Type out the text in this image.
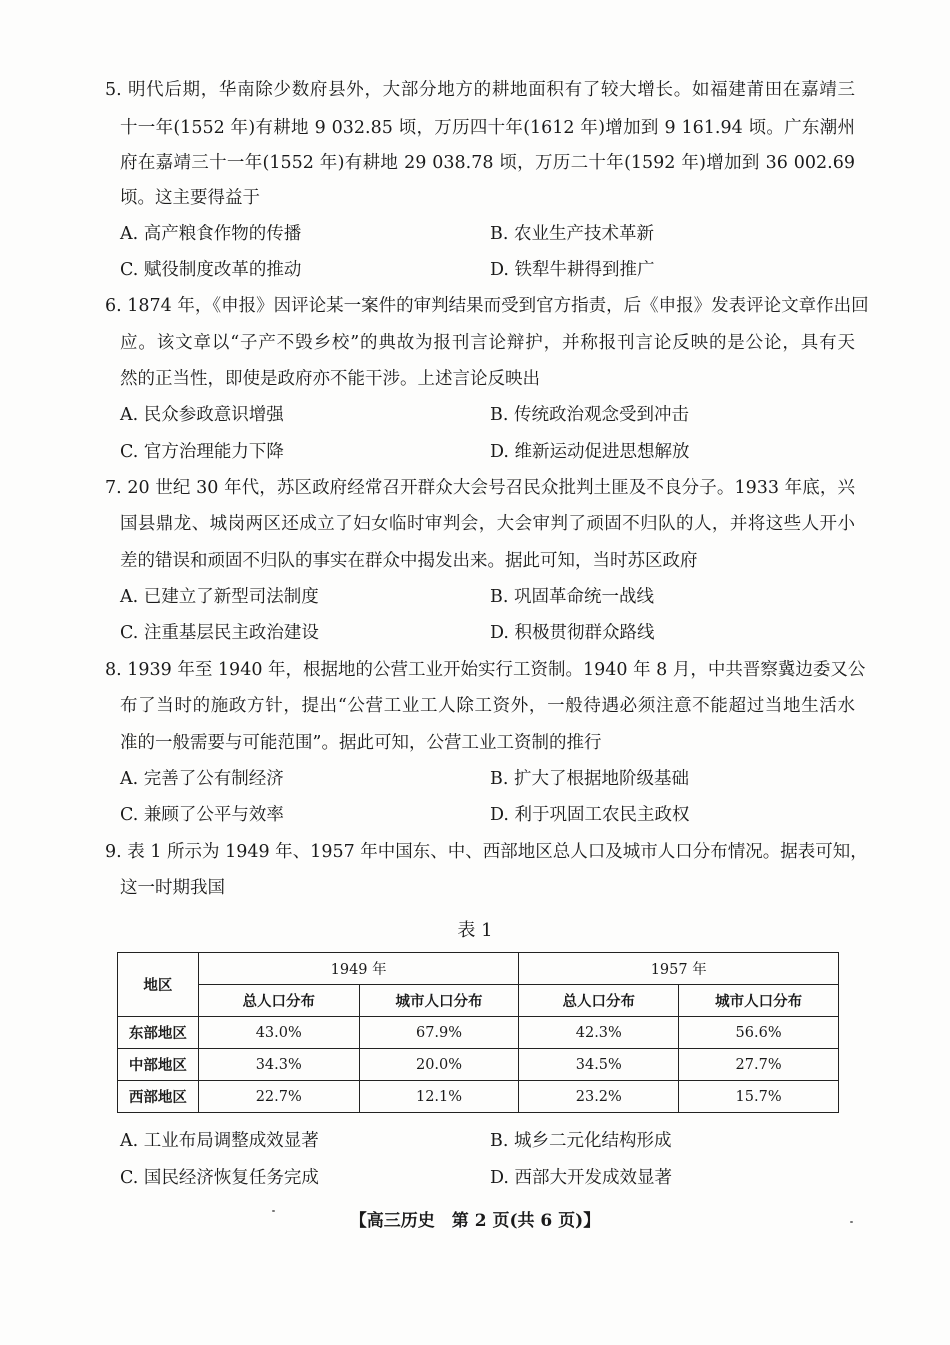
5. 明代后期，华南除少数府县外，大部分地方的耕地面积有了较大增长。如福建莆田在嘉靖三
十一年(1552 年)有耕地 9 032.85 顷，万历四十年(1612 年)增加到 9 161.94 顷。广东潮州
府在嘉靖三十一年(1552 年)有耕地 29 038.78 顷，万历二十年(1592 年)增加到 36 002.69
顷。这主要得益于
A. 高产粮食作物的传播	B. 农业生产技术革新
C. 赋役制度改革的推动	D. 铁犁牛耕得到推广
6. 1874 年，《申报》因评论某一案件的审判结果而受到官方指责，后《申报》发表评论文章作出回
应。该文章以“子产不毁乡校”的典故为报刊言论辩护，并称报刊言论反映的是公论，具有天
然的正当性，即使是政府亦不能干涉。上述言论反映出
A. 民众参政意识增强	B. 传统政治观念受到冲击
C. 官方治理能力下降	D. 维新运动促进思想解放
7. 20 世纪 30 年代，苏区政府经常召开群众大会号召民众批判土匪及不良分子。1933 年底，兴
国县鼎龙、城岗两区还成立了妇女临时审判会，大会审判了顽固不归队的人，并将这些人开小
差的错误和顽固不归队的事实在群众中揭发出来。据此可知，当时苏区政府
A. 已建立了新型司法制度	B. 巩固革命统一战线
C. 注重基层民主政治建设	D. 积极贯彻群众路线
8. 1939 年至 1940 年，根据地的公营工业开始实行工资制。1940 年 8 月，中共晋察冀边委又公
布了当时的施政方针，提出“公营工业工人除工资外，一般待遇必须注意不能超过当地生活水
准的一般需要与可能范围”。据此可知，公营工业工资制的推行
A. 完善了公有制经济	B. 扩大了根据地阶级基础
C. 兼顾了公平与效率	D. 利于巩固工农民主政权
9. 表 1 所示为 1949 年、1957 年中国东、中、西部地区总人口及城市人口分布情况。据表可知，
这一时期我国
表 1
地区	1949 年		1957 年	
	总人口分布	城市人口分布	总人口分布	城市人口分布
东部地区	43.0%	67.9%	42.3%	56.6%
中部地区	34.3%	20.0%	34.5%	27.7%
西部地区	22.7%	12.1%	23.2%	15.7%
A. 工业布局调整成效显著	B. 城乡二元化结构形成
C. 国民经济恢复任务完成	D. 西部大开发成效显著
【高三历史　第 2 页(共 6 页)】
